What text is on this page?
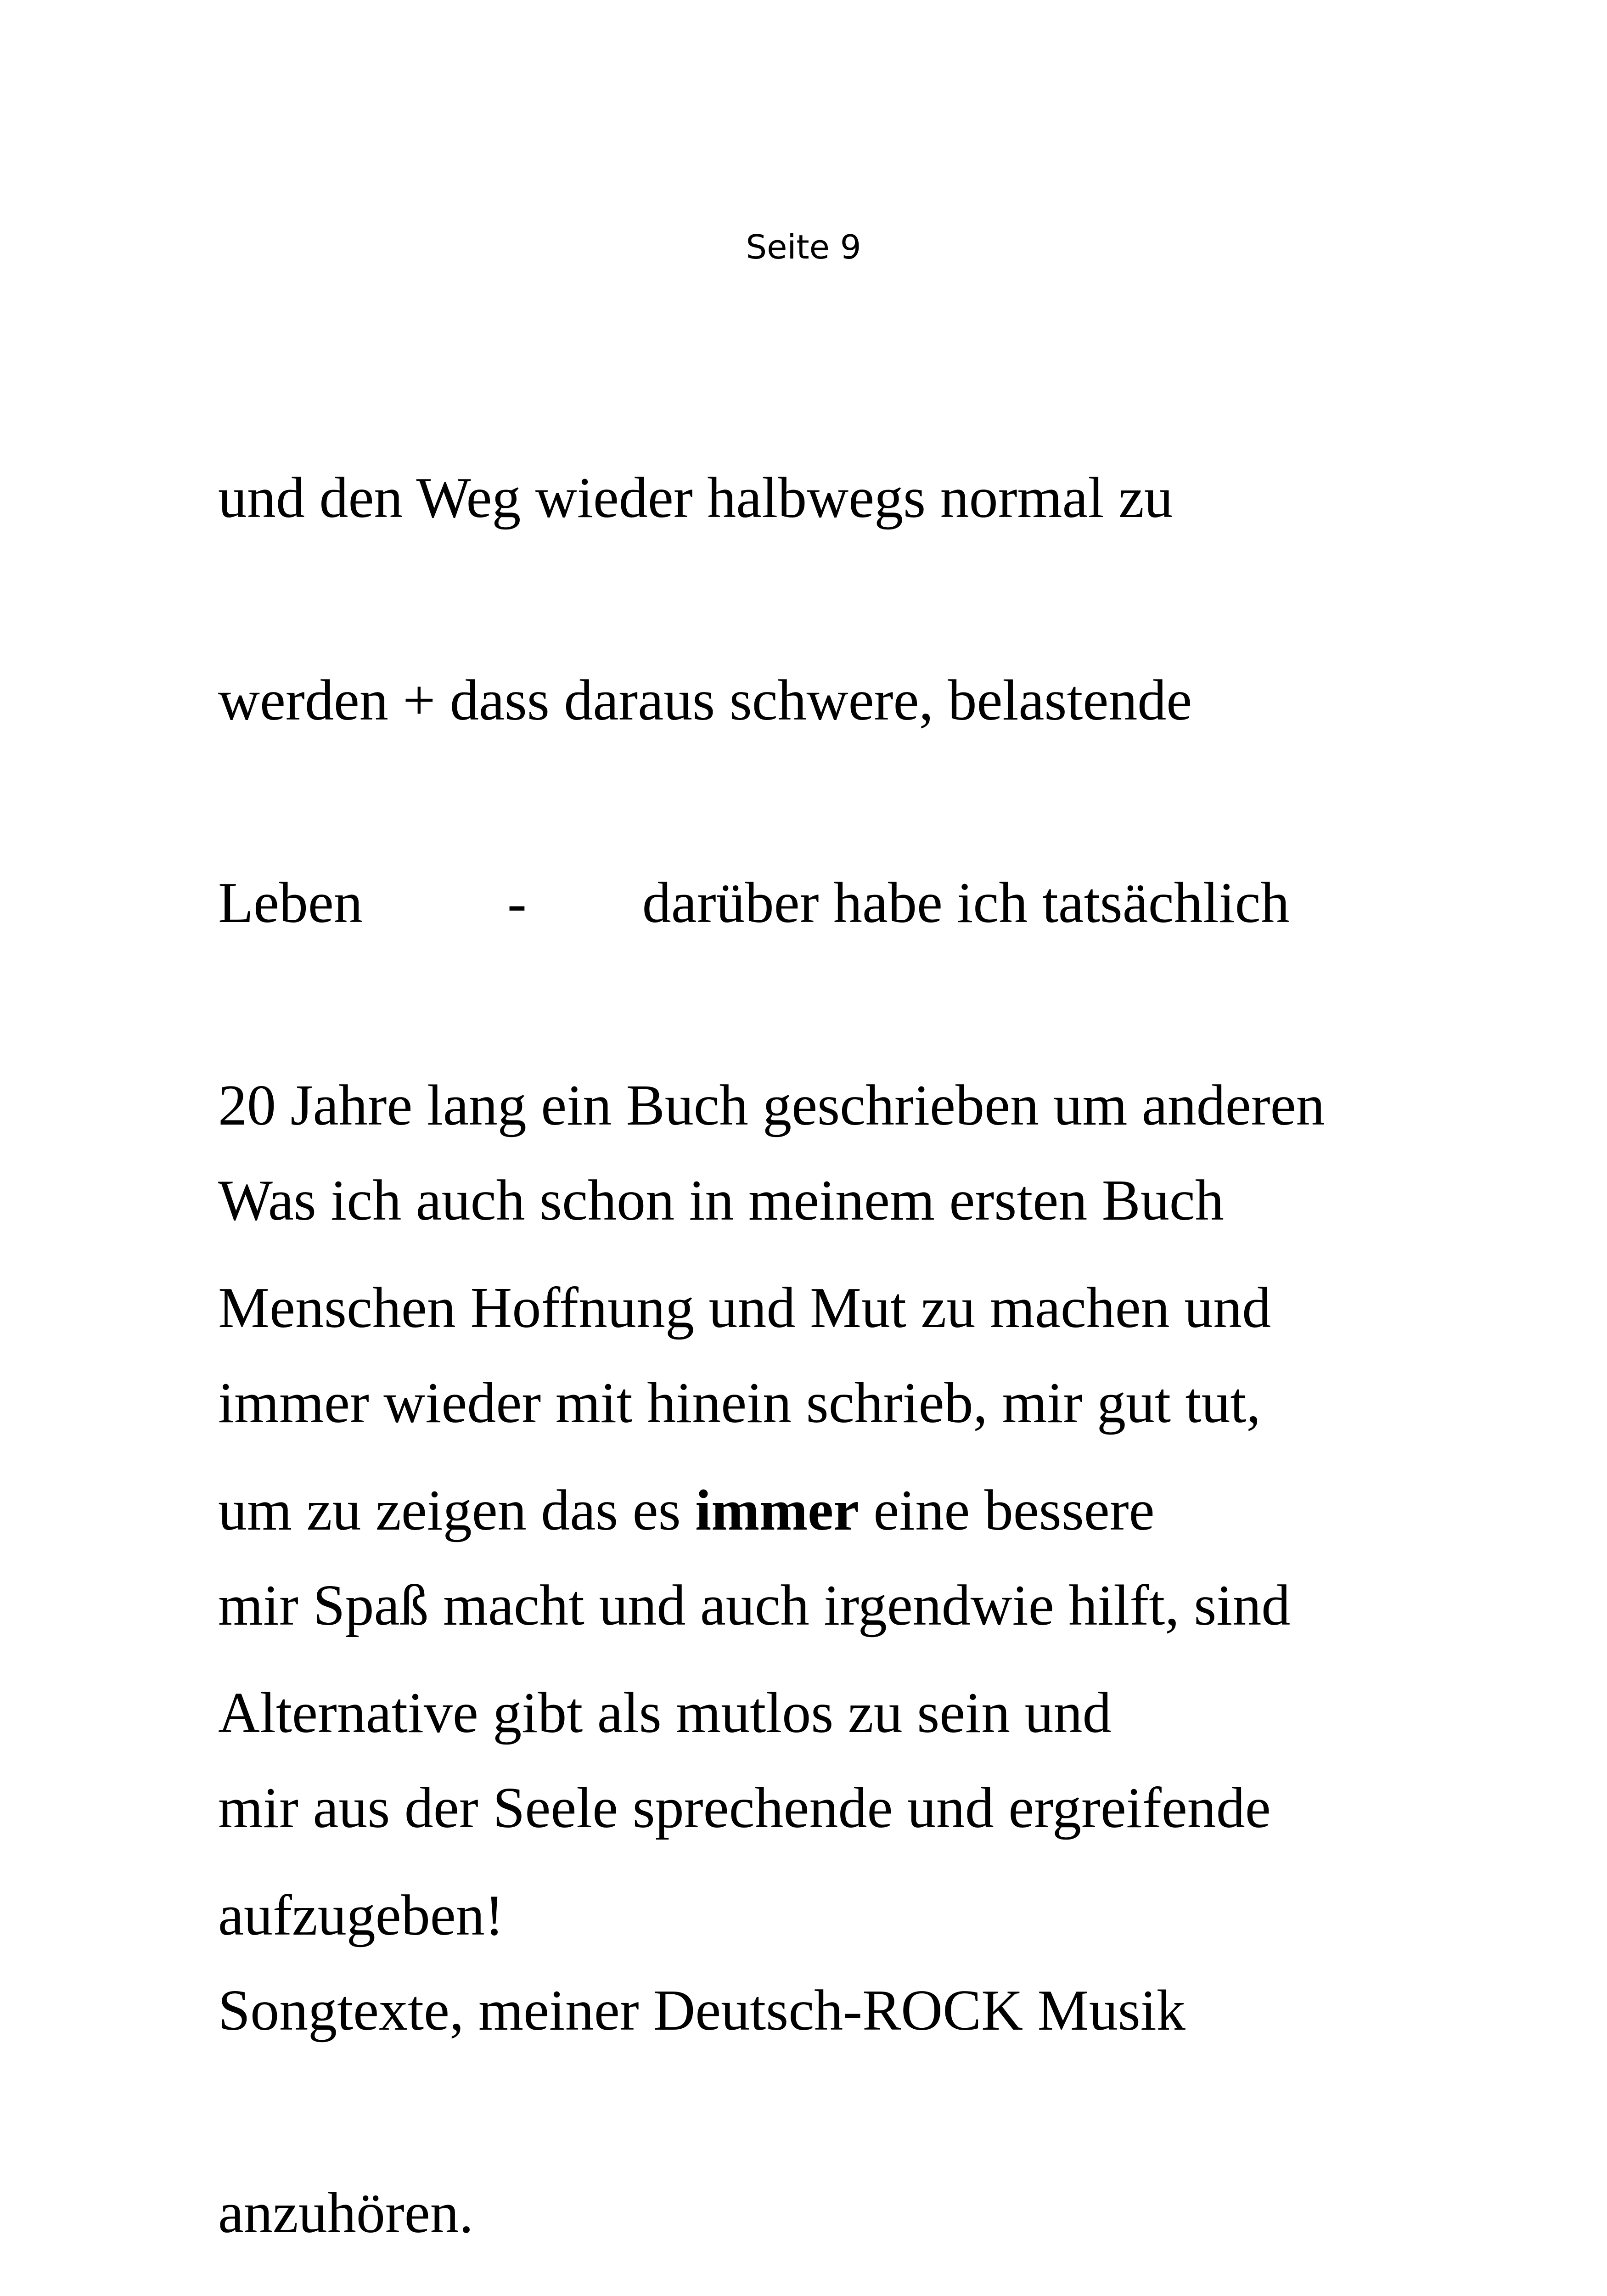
Seite 9

und den Weg wieder halbwegs normal zu

werden + dass daraus schwere, belastende

Leben          -        darüber habe ich tatsächlich

20 Jahre lang ein Buch geschrieben um anderen

Menschen Hoffnung und Mut zu machen und

um zu zeigen das es immer eine bessere

Alternative gibt als mutlos zu sein und

aufzugeben!

Was ich auch schon in meinem ersten Buch

immer wieder mit hinein schrieb, mir gut tut,

mir Spaß macht und auch irgendwie hilft, sind

mir aus der Seele sprechende und ergreifende

Songtexte, meiner Deutsch-ROCK Musik

anzuhören.
